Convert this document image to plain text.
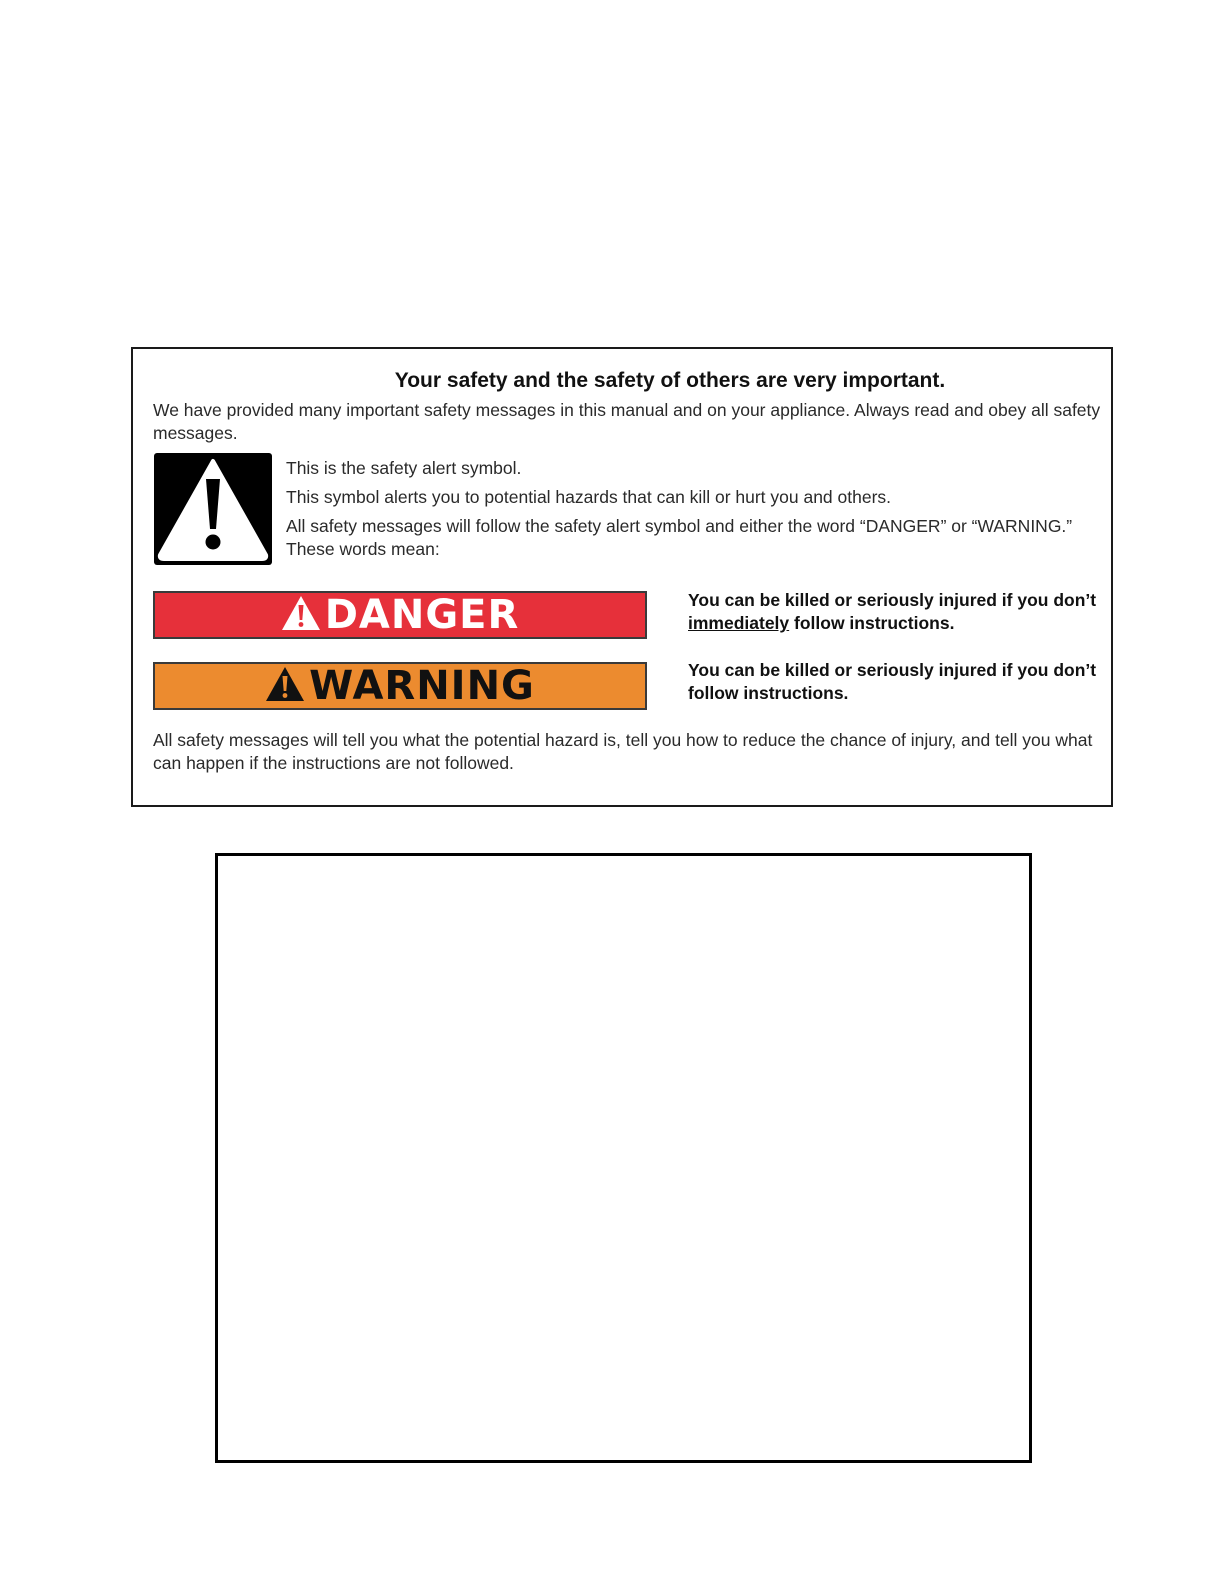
Your safety and the safety of others are very important.

We have provided many important safety messages in this manual and on your appliance. Always read and obey all safety messages.

This is the safety alert symbol.

This symbol alerts you to potential hazards that can kill or hurt you and others.

All safety messages will follow the safety alert symbol and either the word “DANGER” or “WARNING.” These words mean:

DANGER	You can be killed or seriously injured if you don’t immediately follow instructions.

WARNING	You can be killed or seriously injured if you don’t follow instructions.

All safety messages will tell you what the potential hazard is, tell you how to reduce the chance of injury, and tell you what can happen if the instructions are not followed.
